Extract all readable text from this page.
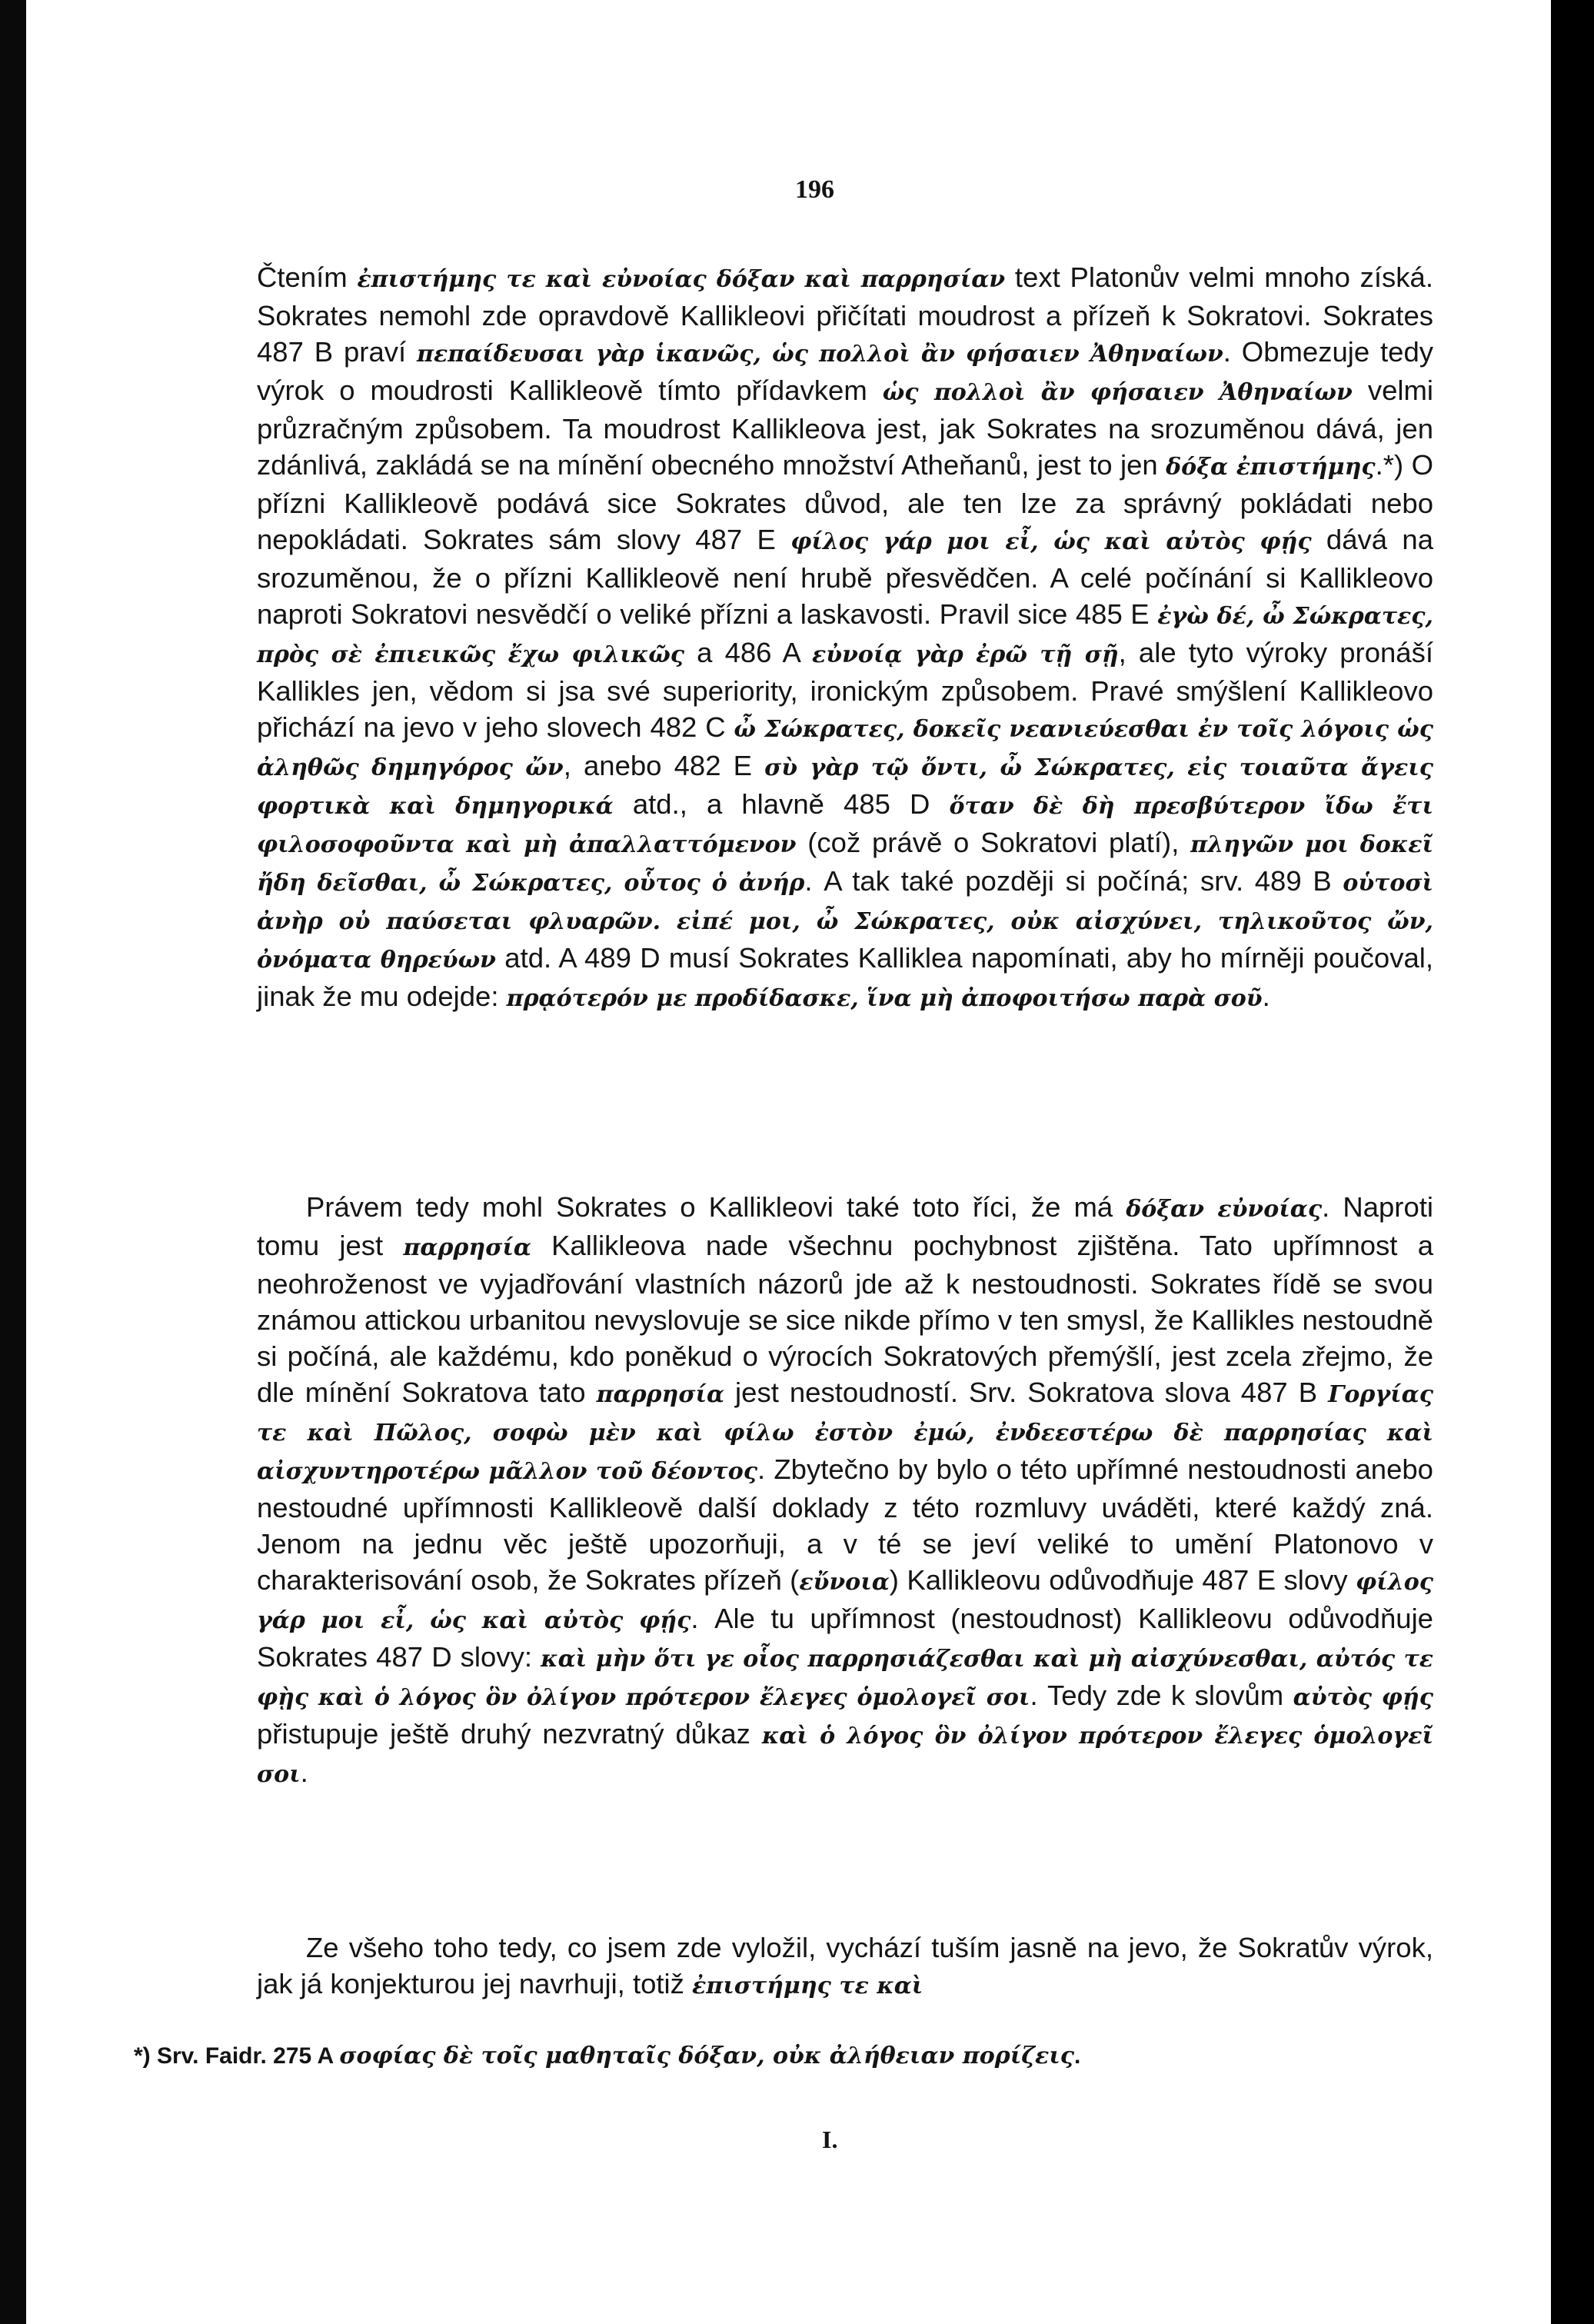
196

Čtením ἐπιστήμης τε καὶ εὐνοίας δόξαν καὶ παρρησίαν text Platonův velmi mnoho získá. Sokrates nemohl zde opravdově Kallikleovi přičítati moudrost a přízeň k Sokratovi. Sokrates 487 B praví πεπαίδευσαι γὰρ ἱκανῶς, ὡς πολλοὶ ἂν φήσαιεν Ἀθηναίων. Obmezuje tedy výrok o moudrosti Kallikleově tímto přídavkem ὡς πολλοὶ ἂν φήσαιεν Ἀθηναίων velmi průzračným způsobem. Ta moudrost Kallikleova jest, jak Sokrates na srozuměnou dává, jen zdánlivá, zakládá se na mínění obecného množství Atheňanů, jest to jen δόξα ἐπιστήμης.*) O přízni Kallikleově podává sice Sokrates důvod, ale ten lze za správný pokládati nebo nepokládati. Sokrates sám slovy 487 E φίλος γάρ μοι εἶ, ὡς καὶ αὐτὸς φῄς dává na srozuměnou, že o přízni Kallikleově není hrubě přesvědčen. A celé počínání si Kallikleovo naproti Sokratovi nesvědčí o veliké přízni a laskavosti. Pravil sice 485 E ἐγὼ δέ, ὦ Σώκρατες, πρὸς σὲ ἐπιεικῶς ἔχω φιλικῶς a 486 A εὐνοίᾳ γὰρ ἐρῶ τῇ σῇ, ale tyto výroky pronáší Kallikles jen, vědom si jsa své superiority, ironickým způsobem. Pravé smýšlení Kallikleovo přichází na jevo v jeho slovech 482 C ὦ Σώκρατες, δοκεῖς νεανιεύεσθαι ἐν τοῖς λόγοις ὡς ἀληθῶς δημηγόρος ὤν, anebo 482 E σὺ γὰρ τῷ ὄντι, ὦ Σώκρατες, εἰς τοιαῦτα ἄγεις φορτικὰ καὶ δημηγορικά atd., a hlavně 485 D ὅταν δὲ δὴ πρεσβύτερον ἴδω ἔτι φιλοσοφοῦντα καὶ μὴ ἀπαλλαττόμενον (což právě o Sokratovi platí), πληγῶν μοι δοκεῖ ἤδη δεῖσθαι, ὦ Σώκρατες, οὗτος ὁ ἀνήρ. A tak také později si počíná; srv. 489 B οὑτοσὶ ἀνὴρ οὐ παύσεται φλυαρῶν. εἰπέ μοι, ὦ Σώκρατες, οὐκ αἰσχύνει, τηλικοῦτος ὤν, ὀνόματα θηρεύων atd. A 489 D musí Sokrates Kalliklea napomínati, aby ho mírněji poučoval, jinak že mu odejde: πρᾳότερόν με προδίδασκε, ἵνα μὴ ἀποφοιτήσω παρὰ σοῦ.

Právem tedy mohl Sokrates o Kallikleovi také toto říci, že má δόξαν εὐνοίας. Naproti tomu jest παρρησία Kallikleova nade všechnu pochybnost zjištěna. Tato upřímnost a neohroženost ve vyjadřování vlastních názorů jde až k nestoudnosti. Sokrates řídě se svou známou attickou urbanitou nevyslovuje se sice nikde přímo v ten smysl, že Kallikles nestoudně si počíná, ale každému, kdo poněkud o výrocích Sokratových přemýšlí, jest zcela zřejmo, že dle mínění Sokratova tato παρρησία jest nestoudností. Srv. Sokratova slova 487 B Γοργίας τε καὶ Πῶλος, σοφὼ μὲν καὶ φίλω ἐστὸν ἐμώ, ἐνδεεστέρω δὲ παρρησίας καὶ αἰσχυντηροτέρω μᾶλλον τοῦ δέοντος. Zbytečno by bylo o této upřímné nestoudnosti anebo nestoudné upřímnosti Kallikleově další doklady z této rozmluvy uváděti, které každý zná. Jenom na jednu věc ještě upozorňuji, a v té se jeví veliké to umění Platonovo v charakterisování osob, že Sokrates přízeň (εὔνοια) Kallikleovu odůvodňuje 487 E slovy φίλος γάρ μοι εἶ, ὡς καὶ αὐτὸς φῄς. Ale tu upřímnost (nestoudnost) Kallikleovu odůvodňuje Sokrates 487 D slovy: καὶ μὴν ὅτι γε οἷος παρρησιάζεσθαι καὶ μὴ αἰσχύνεσθαι, αὐτός τε φῂς καὶ ὁ λόγος ὃν ὀλίγον πρότερον ἔλεγες ὁμολογεῖ σοι. Tedy zde k slovům αὐτὸς φῄς přistupuje ještě druhý nezvratný důkaz καὶ ὁ λόγος ὃν ὀλίγον πρότερον ἔλεγες ὁμολογεῖ σοι.

Ze všeho toho tedy, co jsem zde vyložil, vychází tuším jasně na jevo, že Sokratův výrok, jak já konjekturou jej navrhuji, totiž ἐπιστήμης τε καὶ

*) Srv. Faidr. 275 A σοφίας δὲ τοῖς μαθηταῖς δόξαν, οὐκ ἀλήθειαν πορίζεις.
I.
